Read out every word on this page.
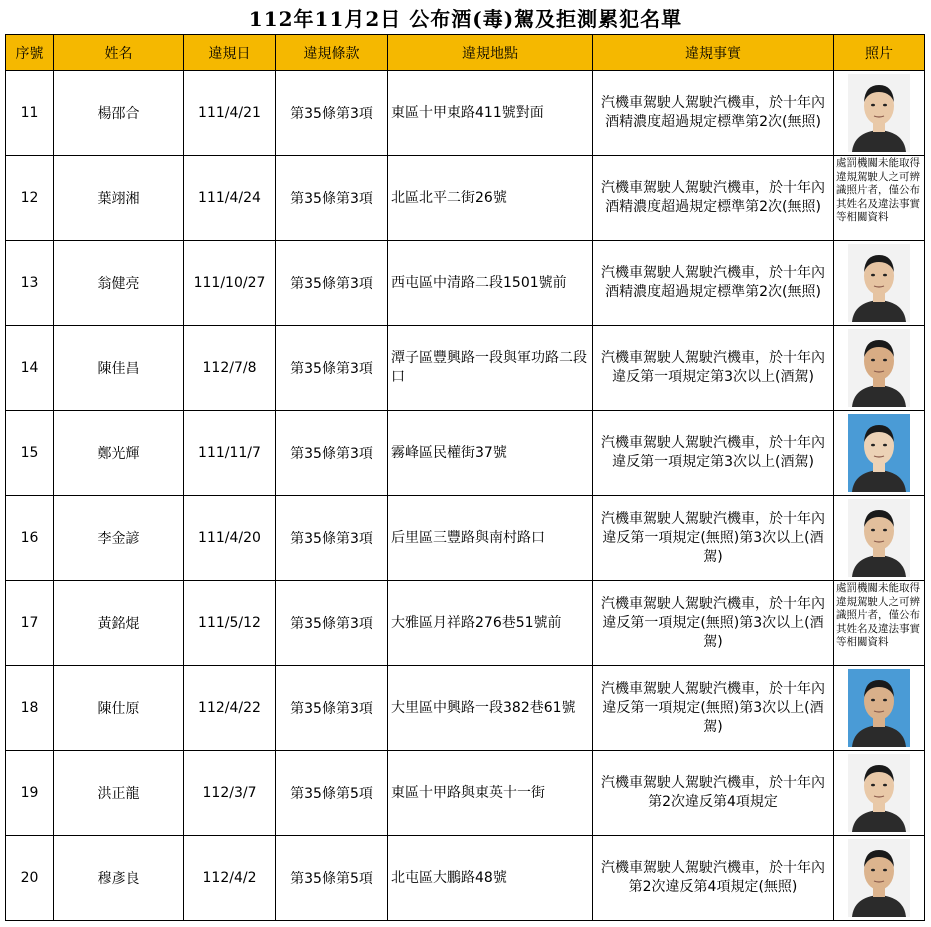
112年11月2日 公布酒(毒)駕及拒測累犯名單
序號	姓名	違規日	違規條款	違規地點	違規事實	照片
11	楊邵合	111/4/21	第35條第3項	東區十甲東路411號對面	汽機車駕駛人駕駛汽機車，於十年內酒精濃度超過規定標準第2次(無照)	
12	葉翊湘	111/4/24	第35條第3項	北區北平二街26號	汽機車駕駛人駕駛汽機車，於十年內酒精濃度超過規定標準第2次(無照)	處罰機關未能取得違規駕駛人之可辨識照片者，僅公布 其姓名及違法事實等相關資料

13	翁健亮	111/10/27	第35條第3項	西屯區中清路二段1501號前	汽機車駕駛人駕駛汽機車，於十年內酒精濃度超過規定標準第2次(無照)	
14	陳佳昌	112/7/8	第35條第3項	潭子區豐興路一段與軍功路二段口	汽機車駕駛人駕駛汽機車，於十年內違反第一項規定第3次以上(酒駕)	
15	鄭光輝	111/11/7	第35條第3項	霧峰區民權街37號	汽機車駕駛人駕駛汽機車，於十年內違反第一項規定第3次以上(酒駕)	
16	李金諺	111/4/20	第35條第3項	后里區三豐路與南村路口	汽機車駕駛人駕駛汽機車，於十年內違反第一項規定(無照)第3次以上(酒駕)	
17	黃銘焜	111/5/12	第35條第3項	大雅區月祥路276巷51號前	汽機車駕駛人駕駛汽機車，於十年內違反第一項規定(無照)第3次以上(酒駕)	處罰機關未能取得違規駕駛人之可辨識照片者，僅公布 其姓名及違法事實等相關資料

18	陳仕原	112/4/22	第35條第3項	大里區中興路一段382巷61號	汽機車駕駛人駕駛汽機車，於十年內違反第一項規定(無照)第3次以上(酒駕)	
19	洪正龍	112/3/7	第35條第5項	東區十甲路與東英十一街	汽機車駕駛人駕駛汽機車，於十年內第2次違反第4項規定	
20	穆彥良	112/4/2	第35條第5項	北屯區大鵬路48號	汽機車駕駛人駕駛汽機車，於十年內第2次違反第4項規定(無照)	
